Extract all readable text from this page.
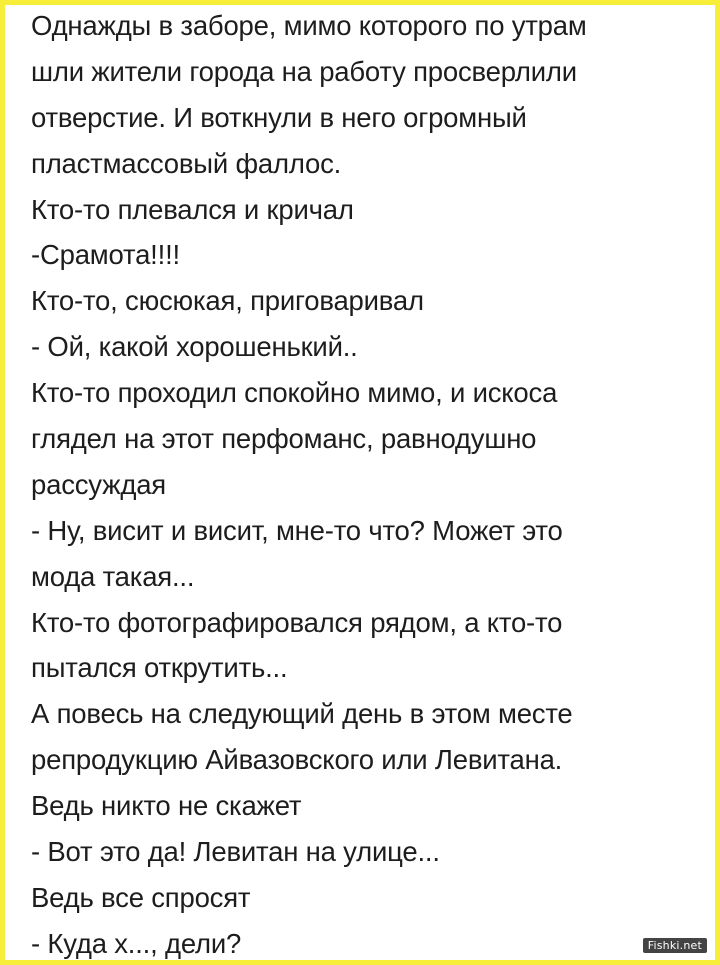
Однажды в заборе, мимо которого по утрам
шли жители города на работу просверлили
отверстие. И воткнули в него огромный
пластмассовый фаллос.
Кто-то плевался и кричал
-Срамота!!!!
Кто-то, сюсюкая, приговаривал
- Ой, какой хорошенький..
Кто-то проходил спокойно мимо, и искоса
глядел на этот перфоманс, равнодушно
рассуждая
- Ну, висит и висит, мне-то что? Может это
мода такая...
Кто-то фотографировался рядом, а кто-то
пытался открутить...
А повесь на следующий день в этом месте
репродукцию Айвазовского или Левитана.
Ведь никто не скажет
- Вот это да! Левитан на улице...
Ведь все спросят
- Куда х..., дели?	Fishki.net
